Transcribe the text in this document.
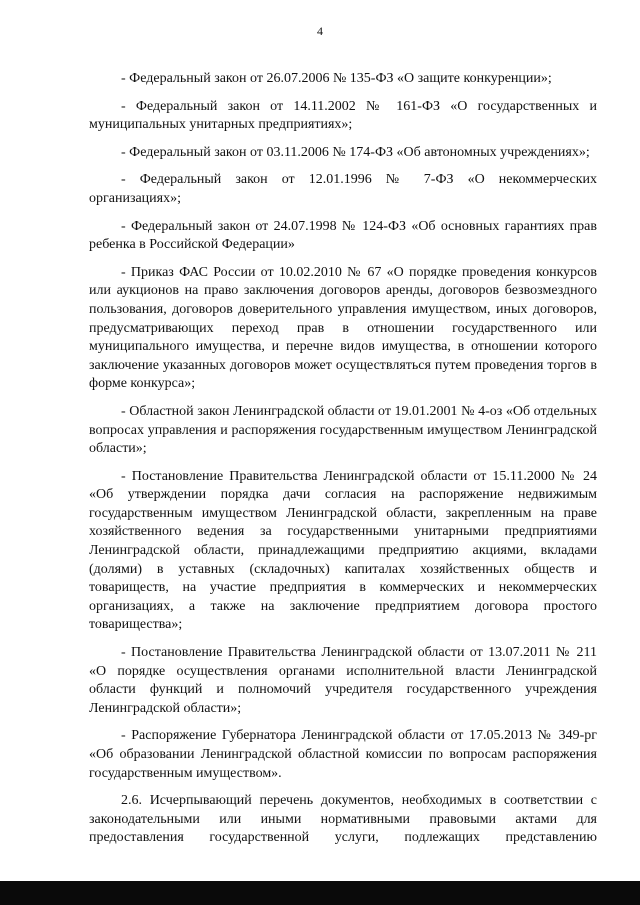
4

- Федеральный закон от 26.07.2006 № 135-ФЗ «О защите конкуренции»;

- Федеральный закон от 14.11.2002 № 161-ФЗ «О государственных и муниципальных унитарных предприятиях»;

- Федеральный закон от 03.11.2006 № 174-ФЗ «Об автономных учреждениях»;

- Федеральный закон от 12.01.1996 № 7-ФЗ «О некоммерческих организациях»;

- Федеральный закон от 24.07.1998 № 124-ФЗ «Об основных гарантиях прав ребенка в Российской Федерации»

- Приказ ФАС России от 10.02.2010 № 67 «О порядке проведения конкурсов или аукционов на право заключения договоров аренды, договоров безвозмездного пользования, договоров доверительного управления имуществом, иных договоров, предусматривающих переход прав в отношении государственного или муниципального имущества, и перечне видов имущества, в отношении которого заключение указанных договоров может осуществляться путем проведения торгов в форме конкурса»;

- Областной закон Ленинградской области от 19.01.2001 № 4-оз «Об отдельных вопросах управления и распоряжения государственным имуществом Ленинградской области»;

- Постановление Правительства Ленинградской области от 15.11.2000 № 24 «Об утверждении порядка дачи согласия на распоряжение недвижимым государственным имуществом Ленинградской области, закрепленным на праве хозяйственного ведения за государственными унитарными предприятиями Ленинградской области, принадлежащими предприятию акциями, вкладами (долями) в уставных (складочных) капиталах хозяйственных обществ и товариществ, на участие предприятия в коммерческих и некоммерческих организациях, а также на заключение предприятием договора простого товарищества»;

- Постановление Правительства Ленинградской области от 13.07.2011 № 211 «О порядке осуществления органами исполнительной власти Ленинградской области функций и полномочий учредителя государственного учреждения Ленинградской области»;

- Распоряжение Губернатора Ленинградской области от 17.05.2013 № 349-рг «Об образовании Ленинградской областной комиссии по вопросам распоряжения государственным имуществом».

2.6. Исчерпывающий перечень документов, необходимых в соответствии с законодательными или иными нормативными правовыми актами для предоставления государственной услуги, подлежащих представлению
